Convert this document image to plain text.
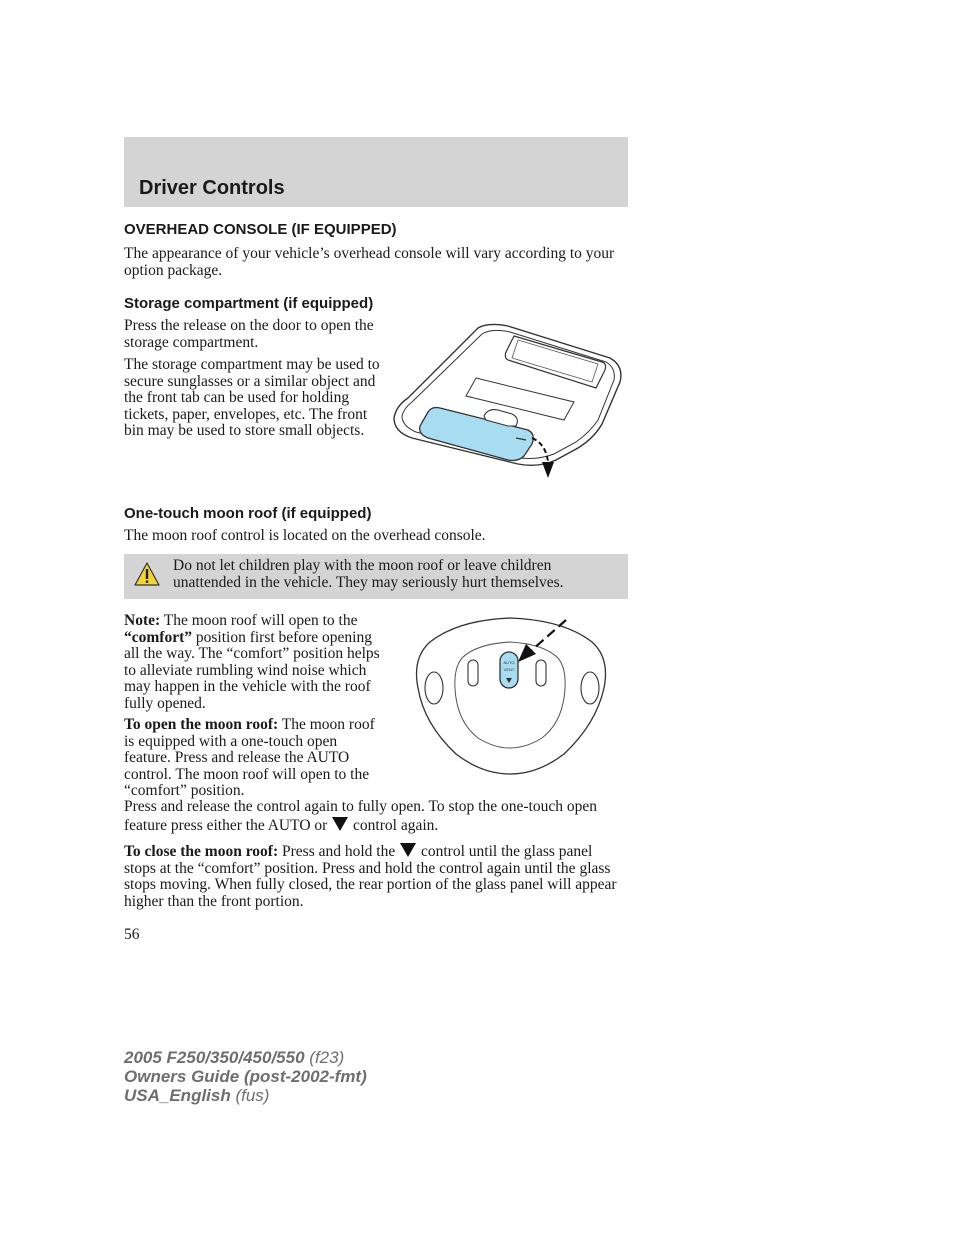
Driver Controls
OVERHEAD CONSOLE (IF EQUIPPED)
The appearance of your vehicle’s overhead console will vary according to your option package.
Storage compartment (if equipped)
Press the release on the door to open the storage compartment.
The storage compartment may be used to secure sunglasses or a similar object and the front tab can be used for holding tickets, paper, envelopes, etc. The front bin may be used to store small objects.
One-touch moon roof (if equipped)
The moon roof control is located on the overhead console.
Do not let children play with the moon roof or leave children unattended in the vehicle. They may seriously hurt themselves.
Note: The moon roof will open to the “comfort” position first before opening all the way. The “comfort” position helps to alleviate rumbling wind noise which may happen in the vehicle with the roof fully opened.
To open the moon roof: The moon roof is equipped with a one-touch open feature. Press and release the AUTO control. The moon roof will open to the “comfort” position.
Press and release the control again to fully open. To stop the one-touch open feature press either the AUTO or  control again.
To close the moon roof: Press and hold the  control until the glass panel stops at the “comfort” position. Press and hold the control again until the glass stops moving. When fully closed, the rear portion of the glass panel will appear higher than the front portion.
AUTO
VENT
56
2005 F250/350/450/550 (f23)
Owners Guide (post-2002-fmt)
USA_English (fus)
